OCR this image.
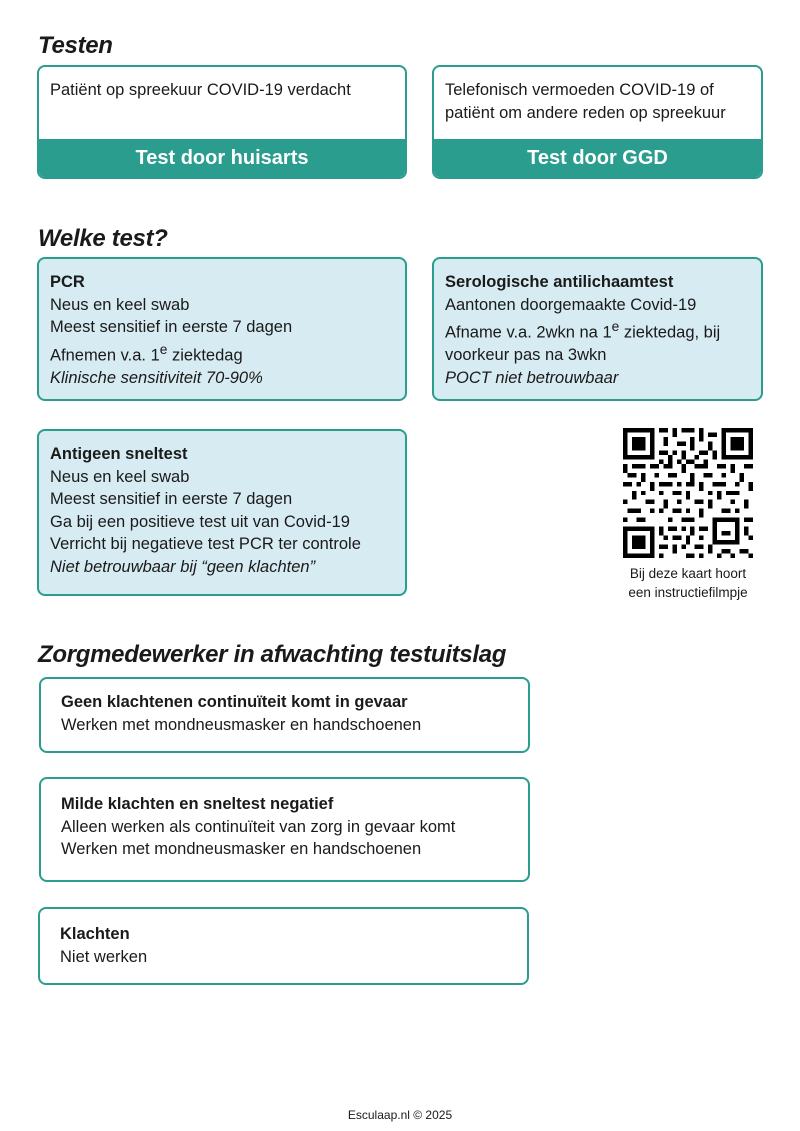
Testen
Patiënt op spreekuur COVID-19 verdacht
Test door huisarts
Telefonisch vermoeden COVID-19 of patiënt om andere reden op spreekuur
Test door GGD
Welke test?
PCR
Neus en keel swab
Meest sensitief in eerste 7 dagen
Afnemen v.a. 1e ziektedag
Klinische sensitiviteit 70-90%
Serologische antilichaamtest
Aantonen doorgemaakte Covid-19
Afname v.a. 2wkn na 1e ziektedag, bij voorkeur pas na 3wkn
POCT niet betrouwbaar
Antigeen sneltest
Neus en keel swab
Meest sensitief in eerste 7 dagen
Ga bij een positieve test uit van Covid-19
Verricht bij negatieve test PCR ter controle
Niet betrouwbaar bij “geen klachten”	Bij deze kaart hoort
een instructiefilmpje
Zorgmedewerker in afwachting testuitslag
Geen klachtenen continuïteit komt in gevaar
Werken met mondneusmasker en handschoenen
Milde klachten en sneltest negatief
Alleen werken als continuïteit van zorg in gevaar komt
Werken met mondneusmasker en handschoenen
Klachten
Niet werken
Esculaap.nl © 2025
